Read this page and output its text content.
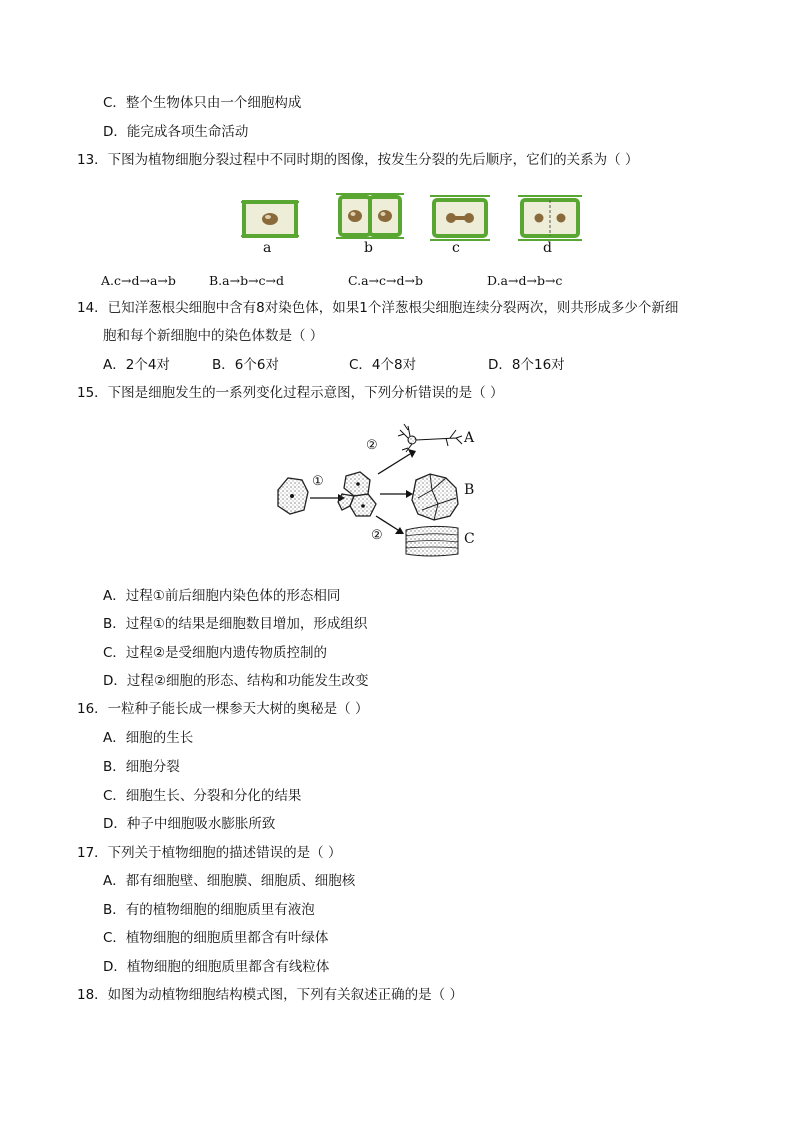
C．整个生物体只由一个细胞构成
D．能完成各项生命活动
13．下图为植物细胞分裂过程中不同时期的图像，按发生分裂的先后顺序，它们的关系为（ ）
a	b	c	d
A.c→d→a→b	B.a→b→c→d	C.a→c→d→b	D.a→d→b→c
14．已知洋葱根尖细胞中含有8对染色体，如果1个洋葱根尖细胞连续分裂两次，则共形成多少个新细
胞和每个新细胞中的染色体数是（ ）
A．2个4对	B．6个6对	C．4个8对	D．8个16对
15．下图是细胞发生的一系列变化过程示意图，下列分析错误的是（ ）
①
②
②
A
B
C
A．过程①前后细胞内染色体的形态相同
B．过程①的结果是细胞数目增加，形成组织
C．过程②是受细胞内遗传物质控制的
D．过程②细胞的形态、结构和功能发生改变
16．一粒种子能长成一棵参天大树的奥秘是（ ）
A．细胞的生长
B．细胞分裂
C．细胞生长、分裂和分化的结果
D．种子中细胞吸水膨胀所致
17．下列关于植物细胞的描述错误的是（ ）
A．都有细胞壁、细胞膜、细胞质、细胞核
B．有的植物细胞的细胞质里有液泡
C．植物细胞的细胞质里都含有叶绿体
D．植物细胞的细胞质里都含有线粒体
18．如图为动植物细胞结构模式图，下列有关叙述正确的是（ ）
